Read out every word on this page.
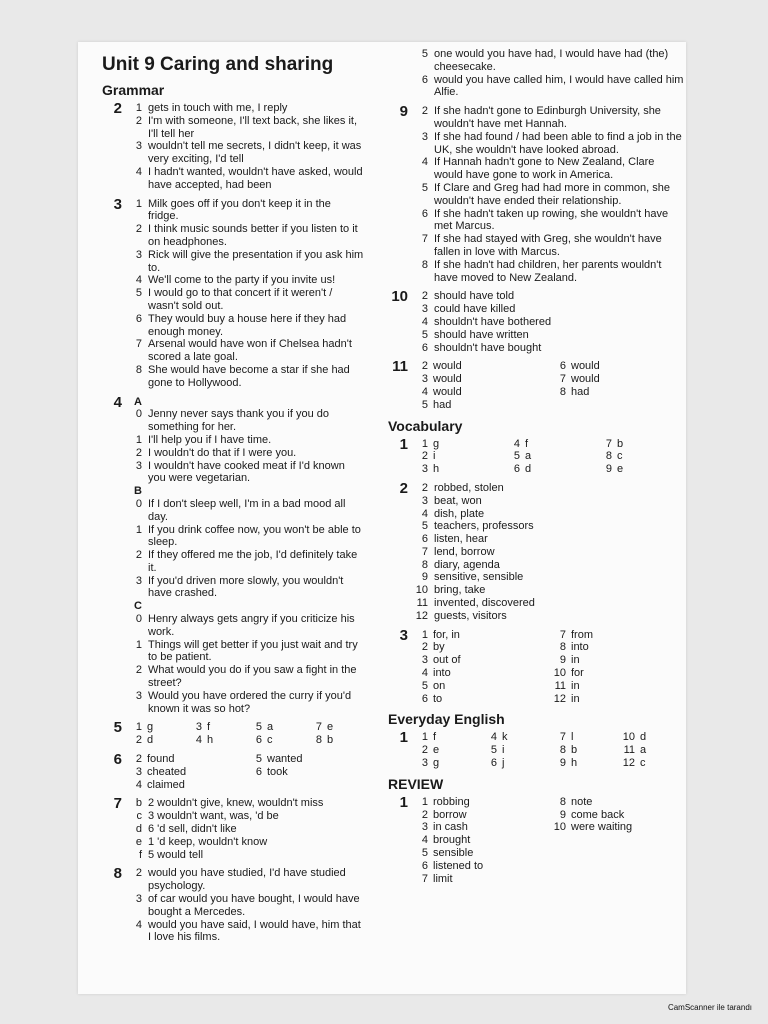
Unit 9 Caring and sharing
Grammar
2	1 gets in touch with me, I reply
2 I'm with someone, I'll text back, she likes it, I'll tell her
3 wouldn't tell me secrets, I didn't keep, it was very exciting, I'd tell
4 I hadn't wanted, wouldn't have asked, would have accepted, had been
3	1 Milk goes off if you don't keep it in the fridge.
2 I think music sounds better if you listen to it on headphones.
3 Rick will give the presentation if you ask him to.
4 We'll come to the party if you invite us!
5 I would go to that concert if it weren't / wasn't sold out.
6 They would buy a house here if they had enough money.
7 Arsenal would have won if Chelsea hadn't scored a late goal.
8 She would have become a star if she had gone to Hollywood.
4	A
0 Jenny never says thank you if you do something for her.
1 I'll help you if I have time.
2 I wouldn't do that if I were you.
3 I wouldn't have cooked meat if I'd known you were vegetarian.
B
0 If I don't sleep well, I'm in a bad mood all day.
1 If you drink coffee now, you won't be able to sleep.
2 If they offered me the job, I'd definitely take it.
3 If you'd driven more slowly, you wouldn't have crashed.
C
0 Henry always gets angry if you criticize his work.
1 Things will get better if you just wait and try to be patient.
2 What would you do if you saw a fight in the street?
3 Would you have ordered the curry if you'd known it was so hot?
5	1 g	3 f	5 a	7 e
2 d	4 h	6 c	8 b
6	2 found	5 wanted
3 cheated	6 took
4 claimed
7	b 2 wouldn't give, knew, wouldn't miss
c 3 wouldn't want, was, 'd be
d 6 'd sell, didn't like
e 1 'd keep, wouldn't know
f 5 would tell
8	2 would you have studied, I'd have studied psychology.
3 of car would you have bought, I would have bought a Mercedes.
4 would you have said, I would have, him that I love his films.
5 one would you have had, I would have had (the) cheesecake.
6 would you have called him, I would have called him Alfie.
9	2 If she hadn't gone to Edinburgh University, she wouldn't have met Hannah.
3 If she had found / had been able to find a job in the UK, she wouldn't have looked abroad.
4 If Hannah hadn't gone to New Zealand, Clare would have gone to work in America.
5 If Clare and Greg had had more in common, she wouldn't have ended their relationship.
6 If she hadn't taken up rowing, she wouldn't have met Marcus.
7 If she had stayed with Greg, she wouldn't have fallen in love with Marcus.
8 If she hadn't had children, her parents wouldn't have moved to New Zealand.
10	2 should have told
3 could have killed
4 shouldn't have bothered
5 should have written
6 shouldn't have bought
11	2 would	6 would
3 would	7 would
4 would	8 had
5 had
Vocabulary
1	1 g	4 f	7 b
2 i	5 a	8 c
3 h	6 d	9 e
2	2 robbed, stolen
3 beat, won
4 dish, plate
5 teachers, professors
6 listen, hear
7 lend, borrow
8 diary, agenda
9 sensitive, sensible
10 bring, take
11 invented, discovered
12 guests, visitors
3	1 for, in	7 from
2 by	8 into
3 out of	9 in
4 into	10 for
5 on	11 in
6 to	12 in
Everyday English
1	1 f	4 k	7 l	10 d
2 e	5 i	8 b	11 a
3 g	6 j	9 h	12 c
REVIEW
1	1 robbing	8 note
2 borrow	9 come back
3 in cash	10 were waiting
4 brought
5 sensible
6 listened to
7 limit
CamScanner ile tarandı
